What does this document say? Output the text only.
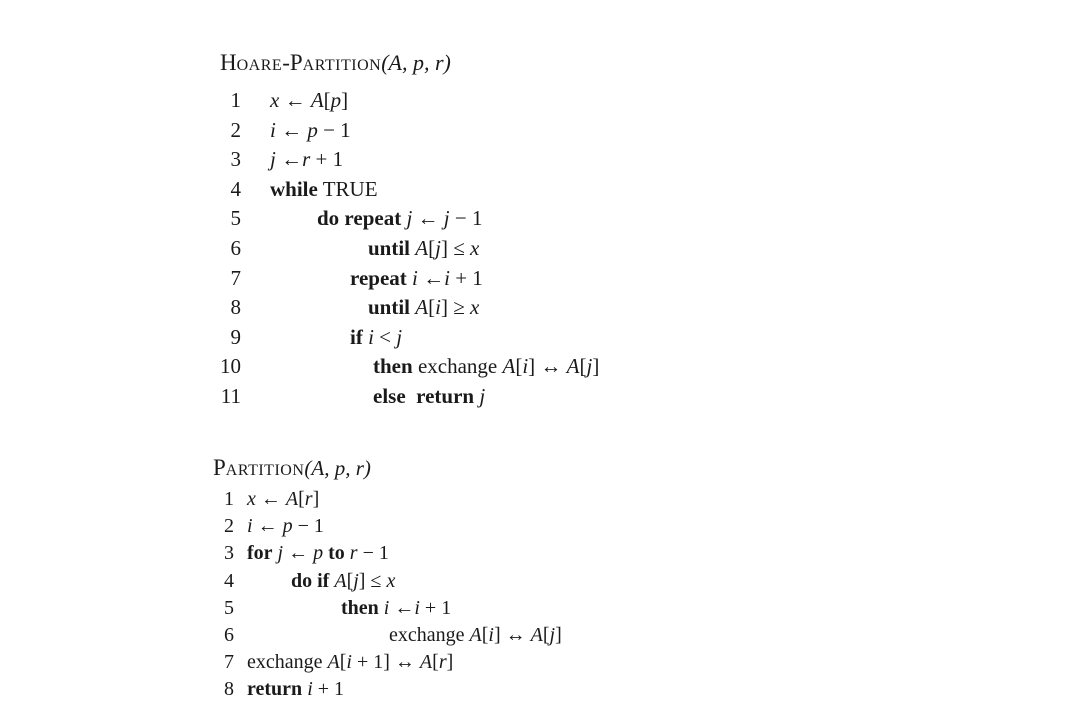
HOARE-PARTITION(A, p, r)
1 x ← A[p]
2 i ← p − 1
3 j ←r + 1
4 while TRUE
5	do repeat j ← j − 1
6	until A[j] ≤ x
7	repeat i ←i + 1
8	until A[i] ≥ x
9	if i < j
10	then exchange A[i] ↔ A[j]
11	else return j
PARTITION(A, p, r)
1 x ← A[r]
2 i ← p − 1
3 for j ← p to r − 1
4	do if A[j] ≤ x
5	then i ←i + 1
6	exchange A[i] ↔ A[j]
7 exchange A[i + 1] ↔ A[r]
8 return i + 1
